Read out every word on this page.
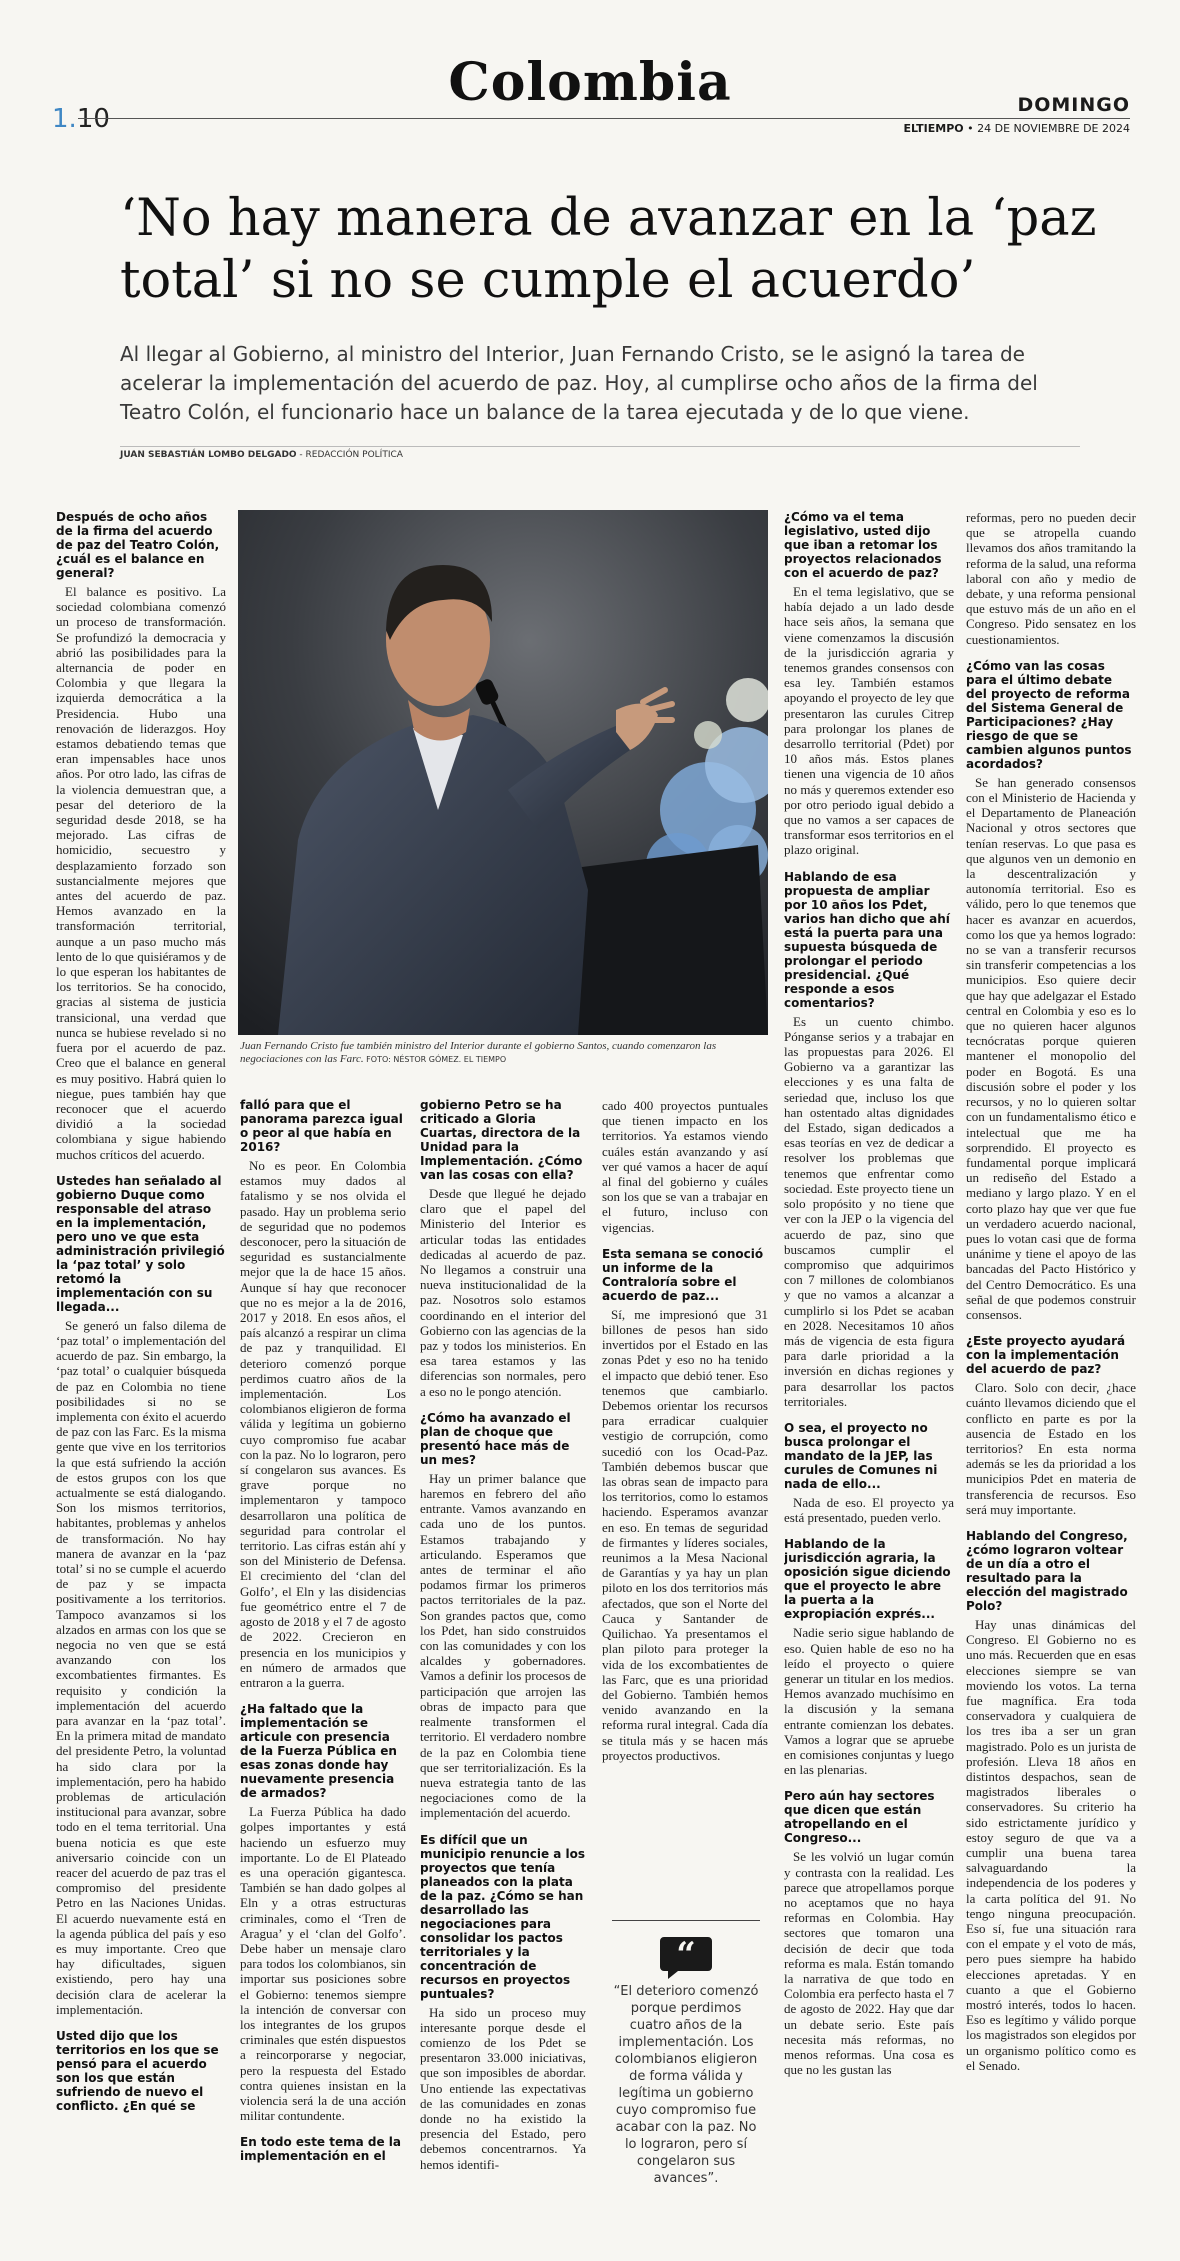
Colombia
1.10	DOMINGO
ELTIEMPO • 24 DE NOVIEMBRE DE 2024
‘No hay manera de avanzar en la ‘paz total’ si no se cumple el acuerdo’
Al llegar al Gobierno, al ministro del Interior, Juan Fernando Cristo, se le asignó la tarea de acelerar la implementación del acuerdo de paz. Hoy, al cumplirse ocho años de la firma del Teatro Colón, el funcionario hace un balance de la tarea ejecutada y de lo que viene.
JUAN SEBASTIÁN LOMBO DELGADO - REDACCIÓN POLÍTICA
Juan Fernando Cristo fue también ministro del Interior durante el gobierno Santos, cuando comenzaron las negociaciones con las Farc. FOTO: NÉSTOR GÓMEZ. EL TIEMPO
Después de ocho años de la firma del acuerdo de paz del Teatro Colón, ¿cuál es el balance en general?

El balance es positivo. La sociedad colombiana comenzó un proceso de transformación. Se profundizó la democracia y abrió las posibilidades para la alternancia de poder en Colombia y que llegara la izquierda democrática a la Presidencia. Hubo una renovación de liderazgos. Hoy estamos debatiendo temas que eran impensables hace unos años. Por otro lado, las cifras de la violencia demuestran que, a pesar del deterioro de la seguridad desde 2018, se ha mejorado. Las cifras de homicidio, secuestro y desplazamiento forzado son sustancialmente mejores que antes del acuerdo de paz. Hemos avanzado en la transformación territorial, aunque a un paso mucho más lento de lo que quisiéramos y de lo que esperan los habitantes de los territorios. Se ha conocido, gracias al sistema de justicia transicional, una verdad que nunca se hubiese revelado si no fuera por el acuerdo de paz. Creo que el balance en general es muy positivo. Habrá quien lo niegue, pues también hay que reconocer que el acuerdo dividió a la sociedad colombiana y sigue habiendo muchos críticos del acuerdo.

Ustedes han señalado al gobierno Duque como responsable del atraso en la implementación, pero uno ve que esta administración privilegió la ‘paz total’ y solo retomó la implementación con su llegada...

Se generó un falso dilema de ‘paz total’ o implementación del acuerdo de paz. Sin embargo, la ‘paz total’ o cualquier búsqueda de paz en Colombia no tiene posibilidades si no se implementa con éxito el acuerdo de paz con las Farc. Es la misma gente que vive en los territorios la que está sufriendo la acción de estos grupos con los que actualmente se está dialogando. Son los mismos territorios, habitantes, problemas y anhelos de transformación. No hay manera de avanzar en la ‘paz total’ si no se cumple el acuerdo de paz y se impacta positivamente a los territorios. Tampoco avanzamos si los alzados en armas con los que se negocia no ven que se está avanzando con los excombatientes firmantes. Es requisito y condición la implementación del acuerdo para avanzar en la ‘paz total’. En la primera mitad de mandato del presidente Petro, la voluntad ha sido clara por la implementación, pero ha habido problemas de articulación institucional para avanzar, sobre todo en el tema territorial. Una buena noticia es que este aniversario coincide con un reacer del acuerdo de paz tras el compromiso del presidente Petro en las Naciones Unidas. El acuerdo nuevamente está en la agenda pública del país y eso es muy importante. Creo que hay dificultades, siguen existiendo, pero hay una decisión clara de acelerar la implementación.

Usted dijo que los territorios en los que se pensó para el acuerdo son los que están sufriendo de nuevo el conflicto. ¿En qué se
falló para que el panorama parezca igual o peor al que había en 2016?

No es peor. En Colombia estamos muy dados al fatalismo y se nos olvida el pasado. Hay un problema serio de seguridad que no podemos desconocer, pero la situación de seguridad es sustancialmente mejor que la de hace 15 años. Aunque sí hay que reconocer que no es mejor a la de 2016, 2017 y 2018. En esos años, el país alcanzó a respirar un clima de paz y tranquilidad. El deterioro comenzó porque perdimos cuatro años de la implementación. Los colombianos eligieron de forma válida y legítima un gobierno cuyo compromiso fue acabar con la paz. No lo lograron, pero sí congelaron sus avances. Es grave porque no implementaron y tampoco desarrollaron una política de seguridad para controlar el territorio. Las cifras están ahí y son del Ministerio de Defensa. El crecimiento del ‘clan del Golfo’, el Eln y las disidencias fue geométrico entre el 7 de agosto de 2018 y el 7 de agosto de 2022. Crecieron en presencia en los municipios y en número de armados que entraron a la guerra.

¿Ha faltado que la implementación se articule con presencia de la Fuerza Pública en esas zonas donde hay nuevamente presencia de armados?

La Fuerza Pública ha dado golpes importantes y está haciendo un esfuerzo muy importante. Lo de El Plateado es una operación gigantesca. También se han dado golpes al Eln y a otras estructuras criminales, como el ‘Tren de Aragua’ y el ‘clan del Golfo’. Debe haber un mensaje claro para todos los colombianos, sin importar sus posiciones sobre el Gobierno: tenemos siempre la intención de conversar con los integrantes de los grupos criminales que estén dispuestos a reincorporarse y negociar, pero la respuesta del Estado contra quienes insistan en la violencia será la de una acción militar contundente.

En todo este tema de la implementación en el
gobierno Petro se ha criticado a Gloria Cuartas, directora de la Unidad para la Implementación. ¿Cómo van las cosas con ella?

Desde que llegué he dejado claro que el papel del Ministerio del Interior es articular todas las entidades dedicadas al acuerdo de paz. No llegamos a construir una nueva institucionalidad de la paz. Nosotros solo estamos coordinando en el interior del Gobierno con las agencias de la paz y todos los ministerios. En esa tarea estamos y las diferencias son normales, pero a eso no le pongo atención.

¿Cómo ha avanzado el plan de choque que presentó hace más de un mes?

Hay un primer balance que haremos en febrero del año entrante. Vamos avanzando en cada uno de los puntos. Estamos trabajando y articulando. Esperamos que antes de terminar el año podamos firmar los primeros pactos territoriales de la paz. Son grandes pactos que, como los Pdet, han sido construidos con las comunidades y con los alcaldes y gobernadores. Vamos a definir los procesos de participación que arrojen las obras de impacto para que realmente transformen el territorio. El verdadero nombre de la paz en Colombia tiene que ser territorialización. Es la nueva estrategia tanto de las negociaciones como de la implementación del acuerdo.

Es difícil que un municipio renuncie a los proyectos que tenía planeados con la plata de la paz. ¿Cómo se han desarrollado las negociaciones para consolidar los pactos territoriales y la concentración de recursos en proyectos puntuales?

Ha sido un proceso muy interesante porque desde el comienzo de los Pdet se presentaron 33.000 iniciativas, que son imposibles de abordar. Uno entiende las expectativas de las comunidades en zonas donde no ha existido la presencia del Estado, pero debemos concentrarnos. Ya hemos identifi-

cado 400 proyectos puntuales que tienen impacto en los territorios. Ya estamos viendo cuáles están avanzando y así ver qué vamos a hacer de aquí al final del gobierno y cuáles son los que se van a trabajar en el futuro, incluso con vigencias.

Esta semana se conoció un informe de la Contraloría sobre el acuerdo de paz...

Sí, me impresionó que 31 billones de pesos han sido invertidos por el Estado en las zonas Pdet y eso no ha tenido el impacto que debió tener. Eso tenemos que cambiarlo. Debemos orientar los recursos para erradicar cualquier vestigio de corrupción, como sucedió con los Ocad-Paz. También debemos buscar que las obras sean de impacto para los territorios, como lo estamos haciendo. Esperamos avanzar en eso. En temas de seguridad de firmantes y líderes sociales, reunimos a la Mesa Nacional de Garantías y ya hay un plan piloto en los dos territorios más afectados, que son el Norte del Cauca y Santander de Quilichao. Ya presentamos el plan piloto para proteger la vida de los excombatientes de las Farc, que es una prioridad del Gobierno. También hemos venido avanzando en la reforma rural integral. Cada día se titula más y se hacen más proyectos productivos.

¿Cómo va el tema legislativo, usted dijo que iban a retomar los proyectos relacionados con el acuerdo de paz?

En el tema legislativo, que se había dejado a un lado desde hace seis años, la semana que viene comenzamos la discusión de la jurisdicción agraria y tenemos grandes consensos con esa ley. También estamos apoyando el proyecto de ley que presentaron las curules Citrep para prolongar los planes de desarrollo territorial (Pdet) por 10 años más. Estos planes tienen una vigencia de 10 años no más y queremos extender eso por otro periodo igual debido a que no vamos a ser capaces de transformar esos territorios en el plazo original.

Hablando de esa propuesta de ampliar por 10 años los Pdet, varios han dicho que ahí está la puerta para una supuesta búsqueda de prolongar el periodo presidencial. ¿Qué responde a esos comentarios?

Es un cuento chimbo. Pónganse serios y a trabajar en las propuestas para 2026. El Gobierno va a garantizar las elecciones y es una falta de seriedad que, incluso los que han ostentado altas dignidades del Estado, sigan dedicados a esas teorías en vez de dedicar a resolver los problemas que tenemos que enfrentar como sociedad. Este proyecto tiene un solo propósito y no tiene que ver con la JEP o la vigencia del acuerdo de paz, sino que buscamos cumplir el compromiso que adquirimos con 7 millones de colombianos y que no vamos a alcanzar a cumplirlo si los Pdet se acaban en 2028. Necesitamos 10 años más de vigencia de esta figura para darle prioridad a la inversión en dichas regiones y para desarrollar los pactos territoriales.

O sea, el proyecto no busca prolongar el mandato de la JEP, las curules de Comunes ni nada de ello...

Nada de eso. El proyecto ya está presentado, pueden verlo.

Hablando de la jurisdicción agraria, la oposición sigue diciendo que el proyecto le abre la puerta a la expropiación exprés...

Nadie serio sigue hablando de eso. Quien hable de eso no ha leído el proyecto o quiere generar un titular en los medios. Hemos avanzado muchísimo en la discusión y la semana entrante comienzan los debates. Vamos a lograr que se apruebe en comisiones conjuntas y luego en las plenarias.

Pero aún hay sectores que dicen que están atropellando en el Congreso...

Se les volvió un lugar común y contrasta con la realidad. Les parece que atropellamos porque no aceptamos que no haya reformas en Colombia. Hay sectores que tomaron una decisión de decir que toda reforma es mala. Están tomando la narrativa de que todo en Colombia era perfecto hasta el 7 de agosto de 2022. Hay que dar un debate serio. Este país necesita más reformas, no menos reformas. Una cosa es que no les gustan las

reformas, pero no pueden decir que se atropella cuando llevamos dos años tramitando la reforma de la salud, una reforma laboral con año y medio de debate, y una reforma pensional que estuvo más de un año en el Congreso. Pido sensatez en los cuestionamientos.

¿Cómo van las cosas para el último debate del proyecto de reforma del Sistema General de Participaciones? ¿Hay riesgo de que se cambien algunos puntos acordados?

Se han generado consensos con el Ministerio de Hacienda y el Departamento de Planeación Nacional y otros sectores que tenían reservas. Lo que pasa es que algunos ven un demonio en la descentralización y autonomía territorial. Eso es válido, pero lo que tenemos que hacer es avanzar en acuerdos, como los que ya hemos logrado: no se van a transferir recursos sin transferir competencias a los municipios. Eso quiere decir que hay que adelgazar el Estado central en Colombia y eso es lo que no quieren hacer algunos tecnócratas porque quieren mantener el monopolio del poder en Bogotá. Es una discusión sobre el poder y los recursos, y no lo quieren soltar con un fundamentalismo ético e intelectual que me ha sorprendido. El proyecto es fundamental porque implicará un rediseño del Estado a mediano y largo plazo. Y en el corto plazo hay que ver que fue un verdadero acuerdo nacional, pues lo votan casi que de forma unánime y tiene el apoyo de las bancadas del Pacto Histórico y del Centro Democrático. Es una señal de que podemos construir consensos.

¿Este proyecto ayudará con la implementación del acuerdo de paz?

Claro. Solo con decir, ¿hace cuánto llevamos diciendo que el conflicto en parte es por la ausencia de Estado en los territorios? En esta norma además se les da prioridad a los municipios Pdet en materia de transferencia de recursos. Eso será muy importante.

Hablando del Congreso, ¿cómo lograron voltear de un día a otro el resultado para la elección del magistrado Polo?

Hay unas dinámicas del Congreso. El Gobierno no es uno más. Recuerden que en esas elecciones siempre se van moviendo los votos. La terna fue magnífica. Era toda conservadora y cualquiera de los tres iba a ser un gran magistrado. Polo es un jurista de profesión. Lleva 18 años en distintos despachos, sean de magistrados liberales o conservadores. Su criterio ha sido estrictamente jurídico y estoy seguro de que va a cumplir una buena tarea salvaguardando la independencia de los poderes y la carta política del 91. No tengo ninguna preocupación. Eso sí, fue una situación rara con el empate y el voto de más, pero pues siempre ha habido elecciones apretadas. Y en cuanto a que el Gobierno mostró interés, todos lo hacen. Eso es legítimo y válido porque los magistrados son elegidos por un organismo político como es el Senado.

“
“El deterioro comenzó porque perdimos cuatro años de la implementación. Los colombianos eligieron de forma válida y legítima un gobierno cuyo compromiso fue acabar con la paz. No lo lograron, pero sí congelaron sus avances”.
